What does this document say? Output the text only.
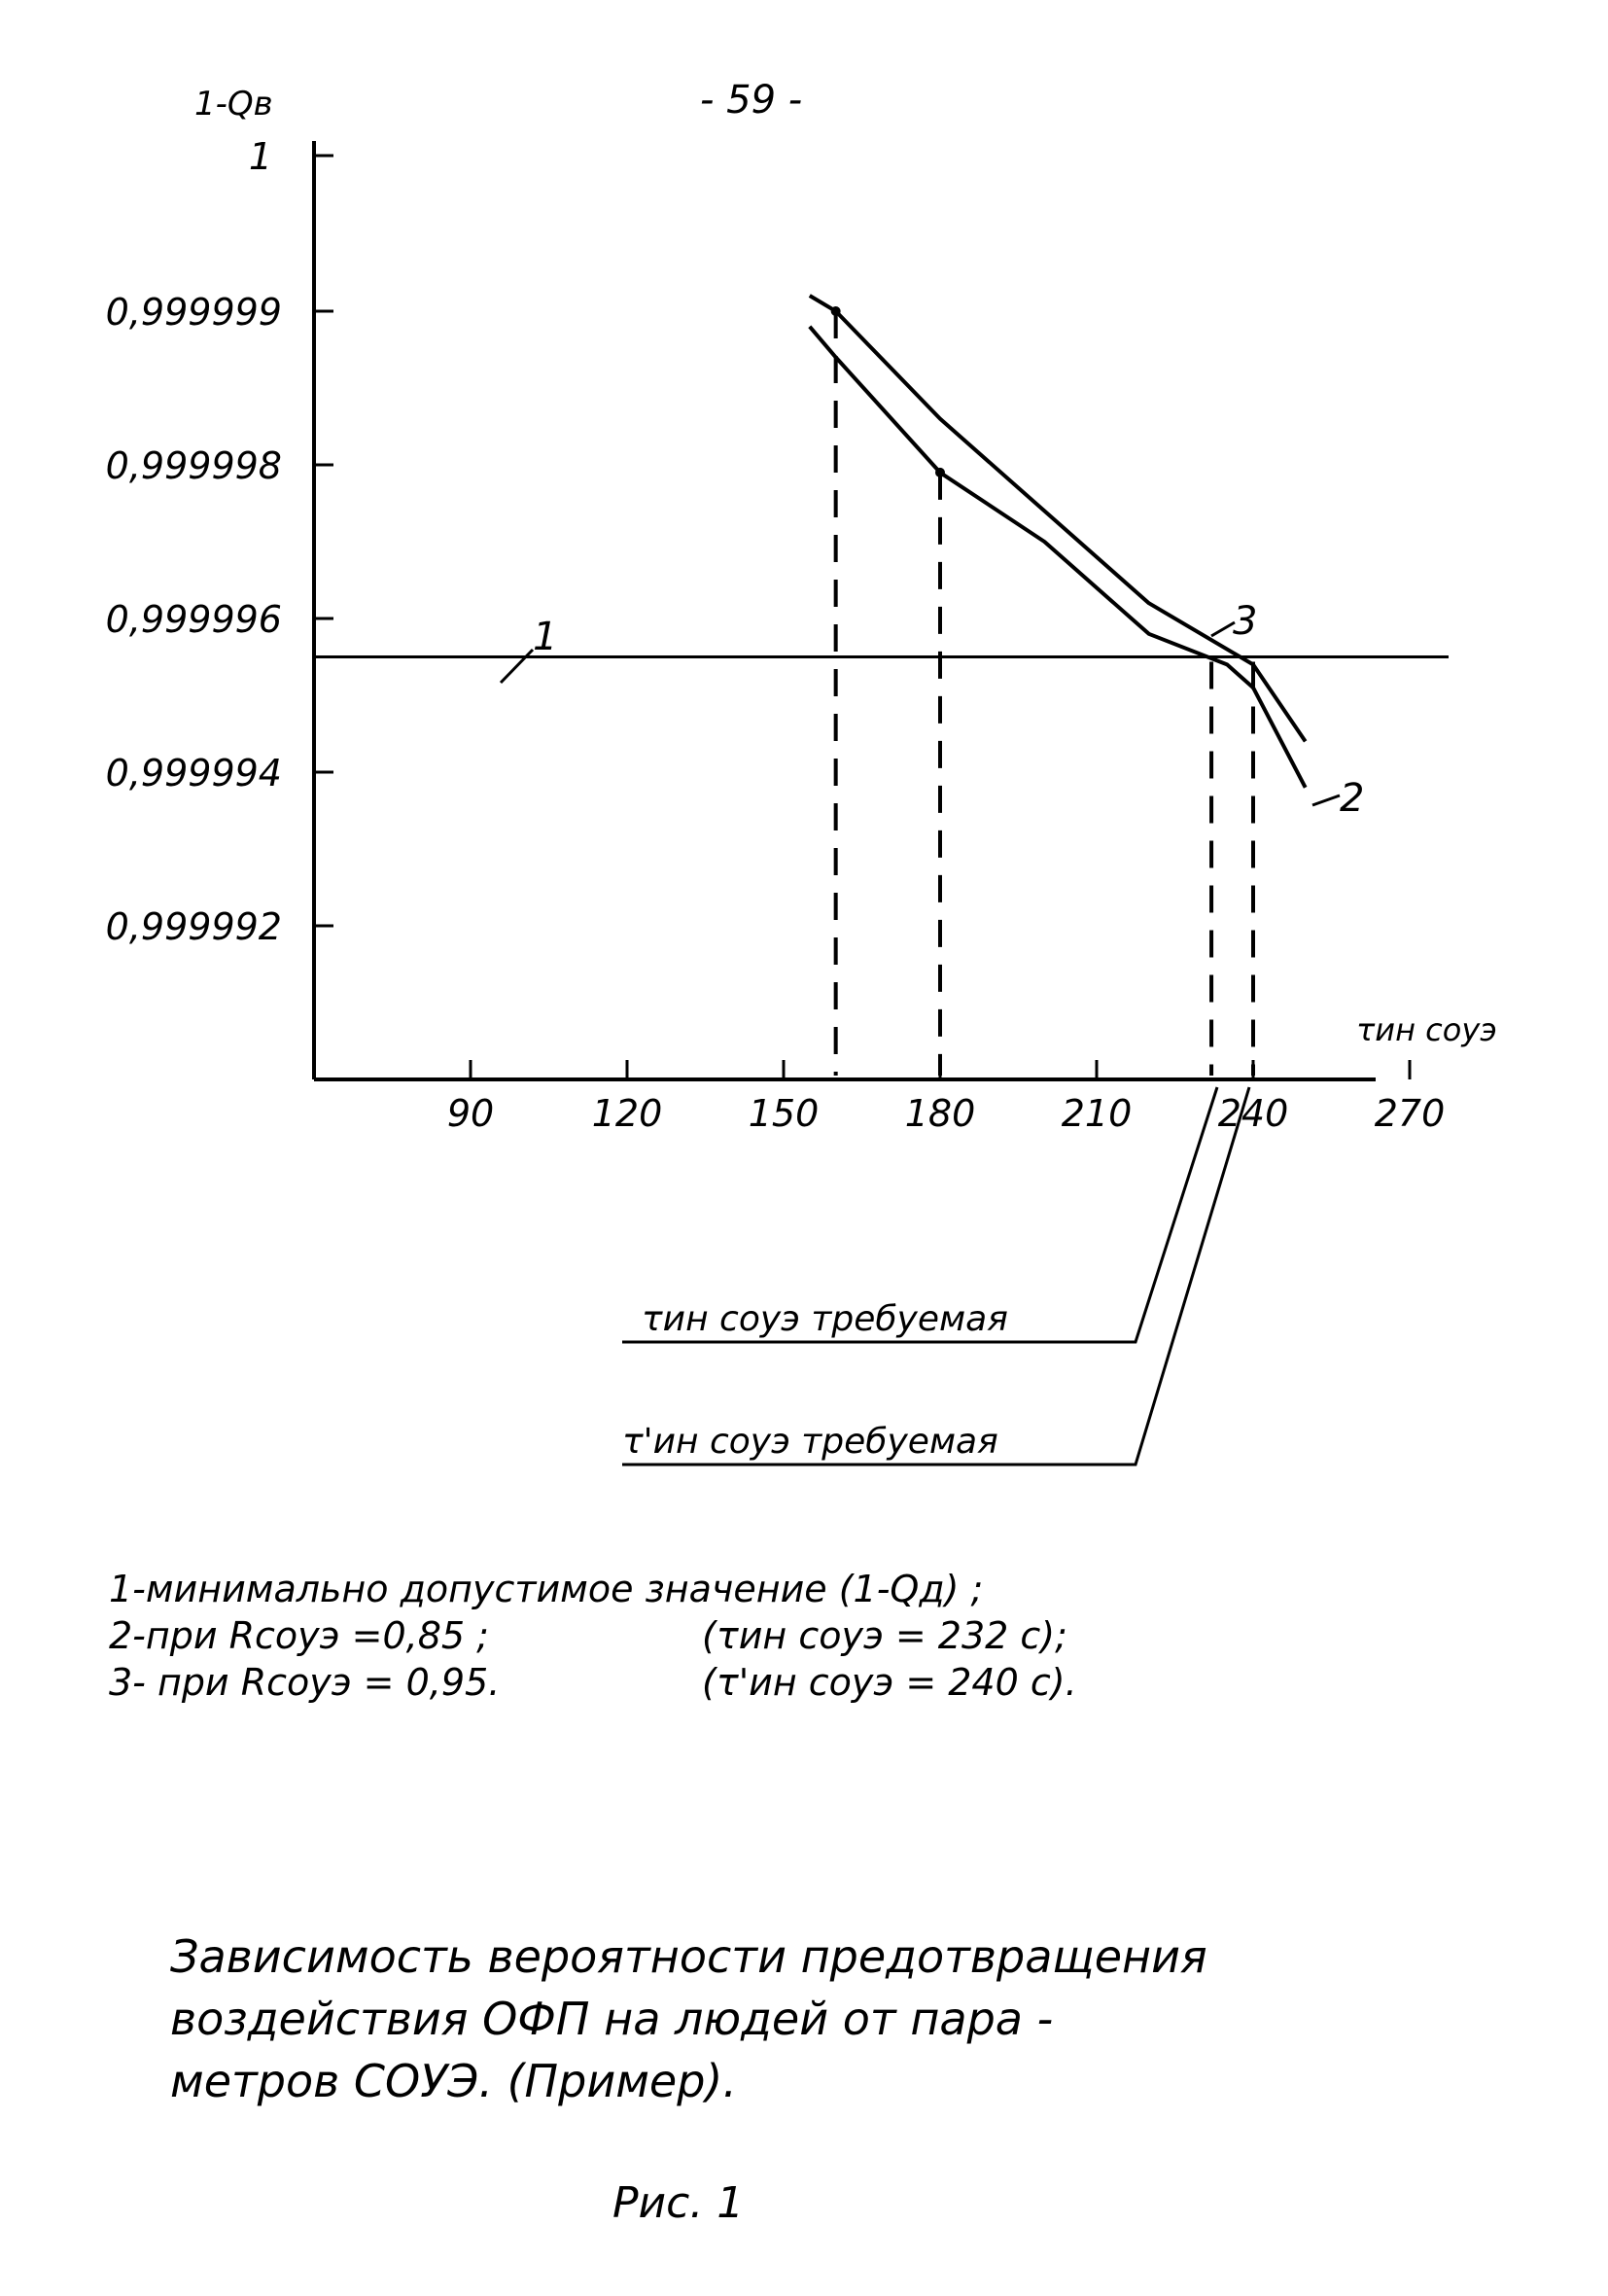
- 59 -
1-Qв
τин соуэ
1
0,999999
0,999998
0,999996
0,999994
0,999992
90	120 150 180 210 240 270
1	3
2
τин соуэ требуемая
τ'ин соуэ требуемая
1-минимально допустимое значение (1-Qд) ;
2-при Rсоуэ =0,85 ;	(τин соуэ = 232 с);
3- при Rсоуэ = 0,95.	(τ'ин соуэ = 240 с).
Зависимость вероятности предотвращения
воздействия ОФП на людей от пара -
метров СОУЭ. (Пример).
Рис. 1
